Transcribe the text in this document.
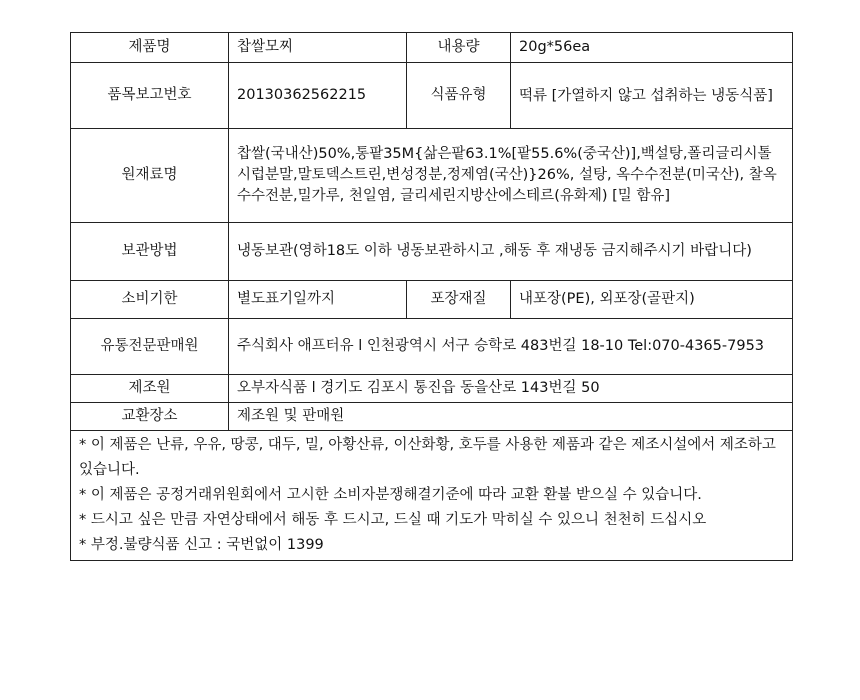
제품명	찹쌀모찌	내용량	20g*56ea
품목보고번호	20130362562215	식품유형	떡류 [가열하지 않고 섭취하는 냉동식품]
원재료명	찹쌀(국내산)50%,통팥35M{삶은팥63.1%[팥55.6%(중국산)],백설탕,폴리글리시톨시럽분말,말토덱스트린,변성정분,정제염(국산)}26%, 설탕, 옥수수전분(미국산), 찰옥수수전분,밀가루, 천일염, 글리세린지방산에스테르(유화제) [밀 함유]		
보관방법	냉동보관(영하18도 이하 냉동보관하시고 ,해동 후 재냉동 금지해주시기 바랍니다)		
소비기한	별도표기일까지	포장재질	내포장(PE), 외포장(골판지)
유통전문판매원	주식회사 애프터유 l 인천광역시 서구 승학로 483번길 18-10 Tel:070-4365-7953		
제조원	오부자식품 l 경기도 김포시 통진읍 동을산로 143번길 50		
교환장소	제조원 및 판매원		

* 이 제품은 난류, 우유, 땅콩, 대두, 밀, 아황산류, 이산화황, 호두를 사용한 제품과 같은 제조시설에서 제조하고 있습니다.
* 이 제품은 공정거래위원회에서 고시한 소비자분쟁해결기준에 따라 교환 환불 받으실 수 있습니다.
* 드시고 싶은 만큼 자연상태에서 해동 후 드시고, 드실 때 기도가 막히실 수 있으니 천천히 드십시오
* 부정.불량식품 신고 : 국번없이 1399			
